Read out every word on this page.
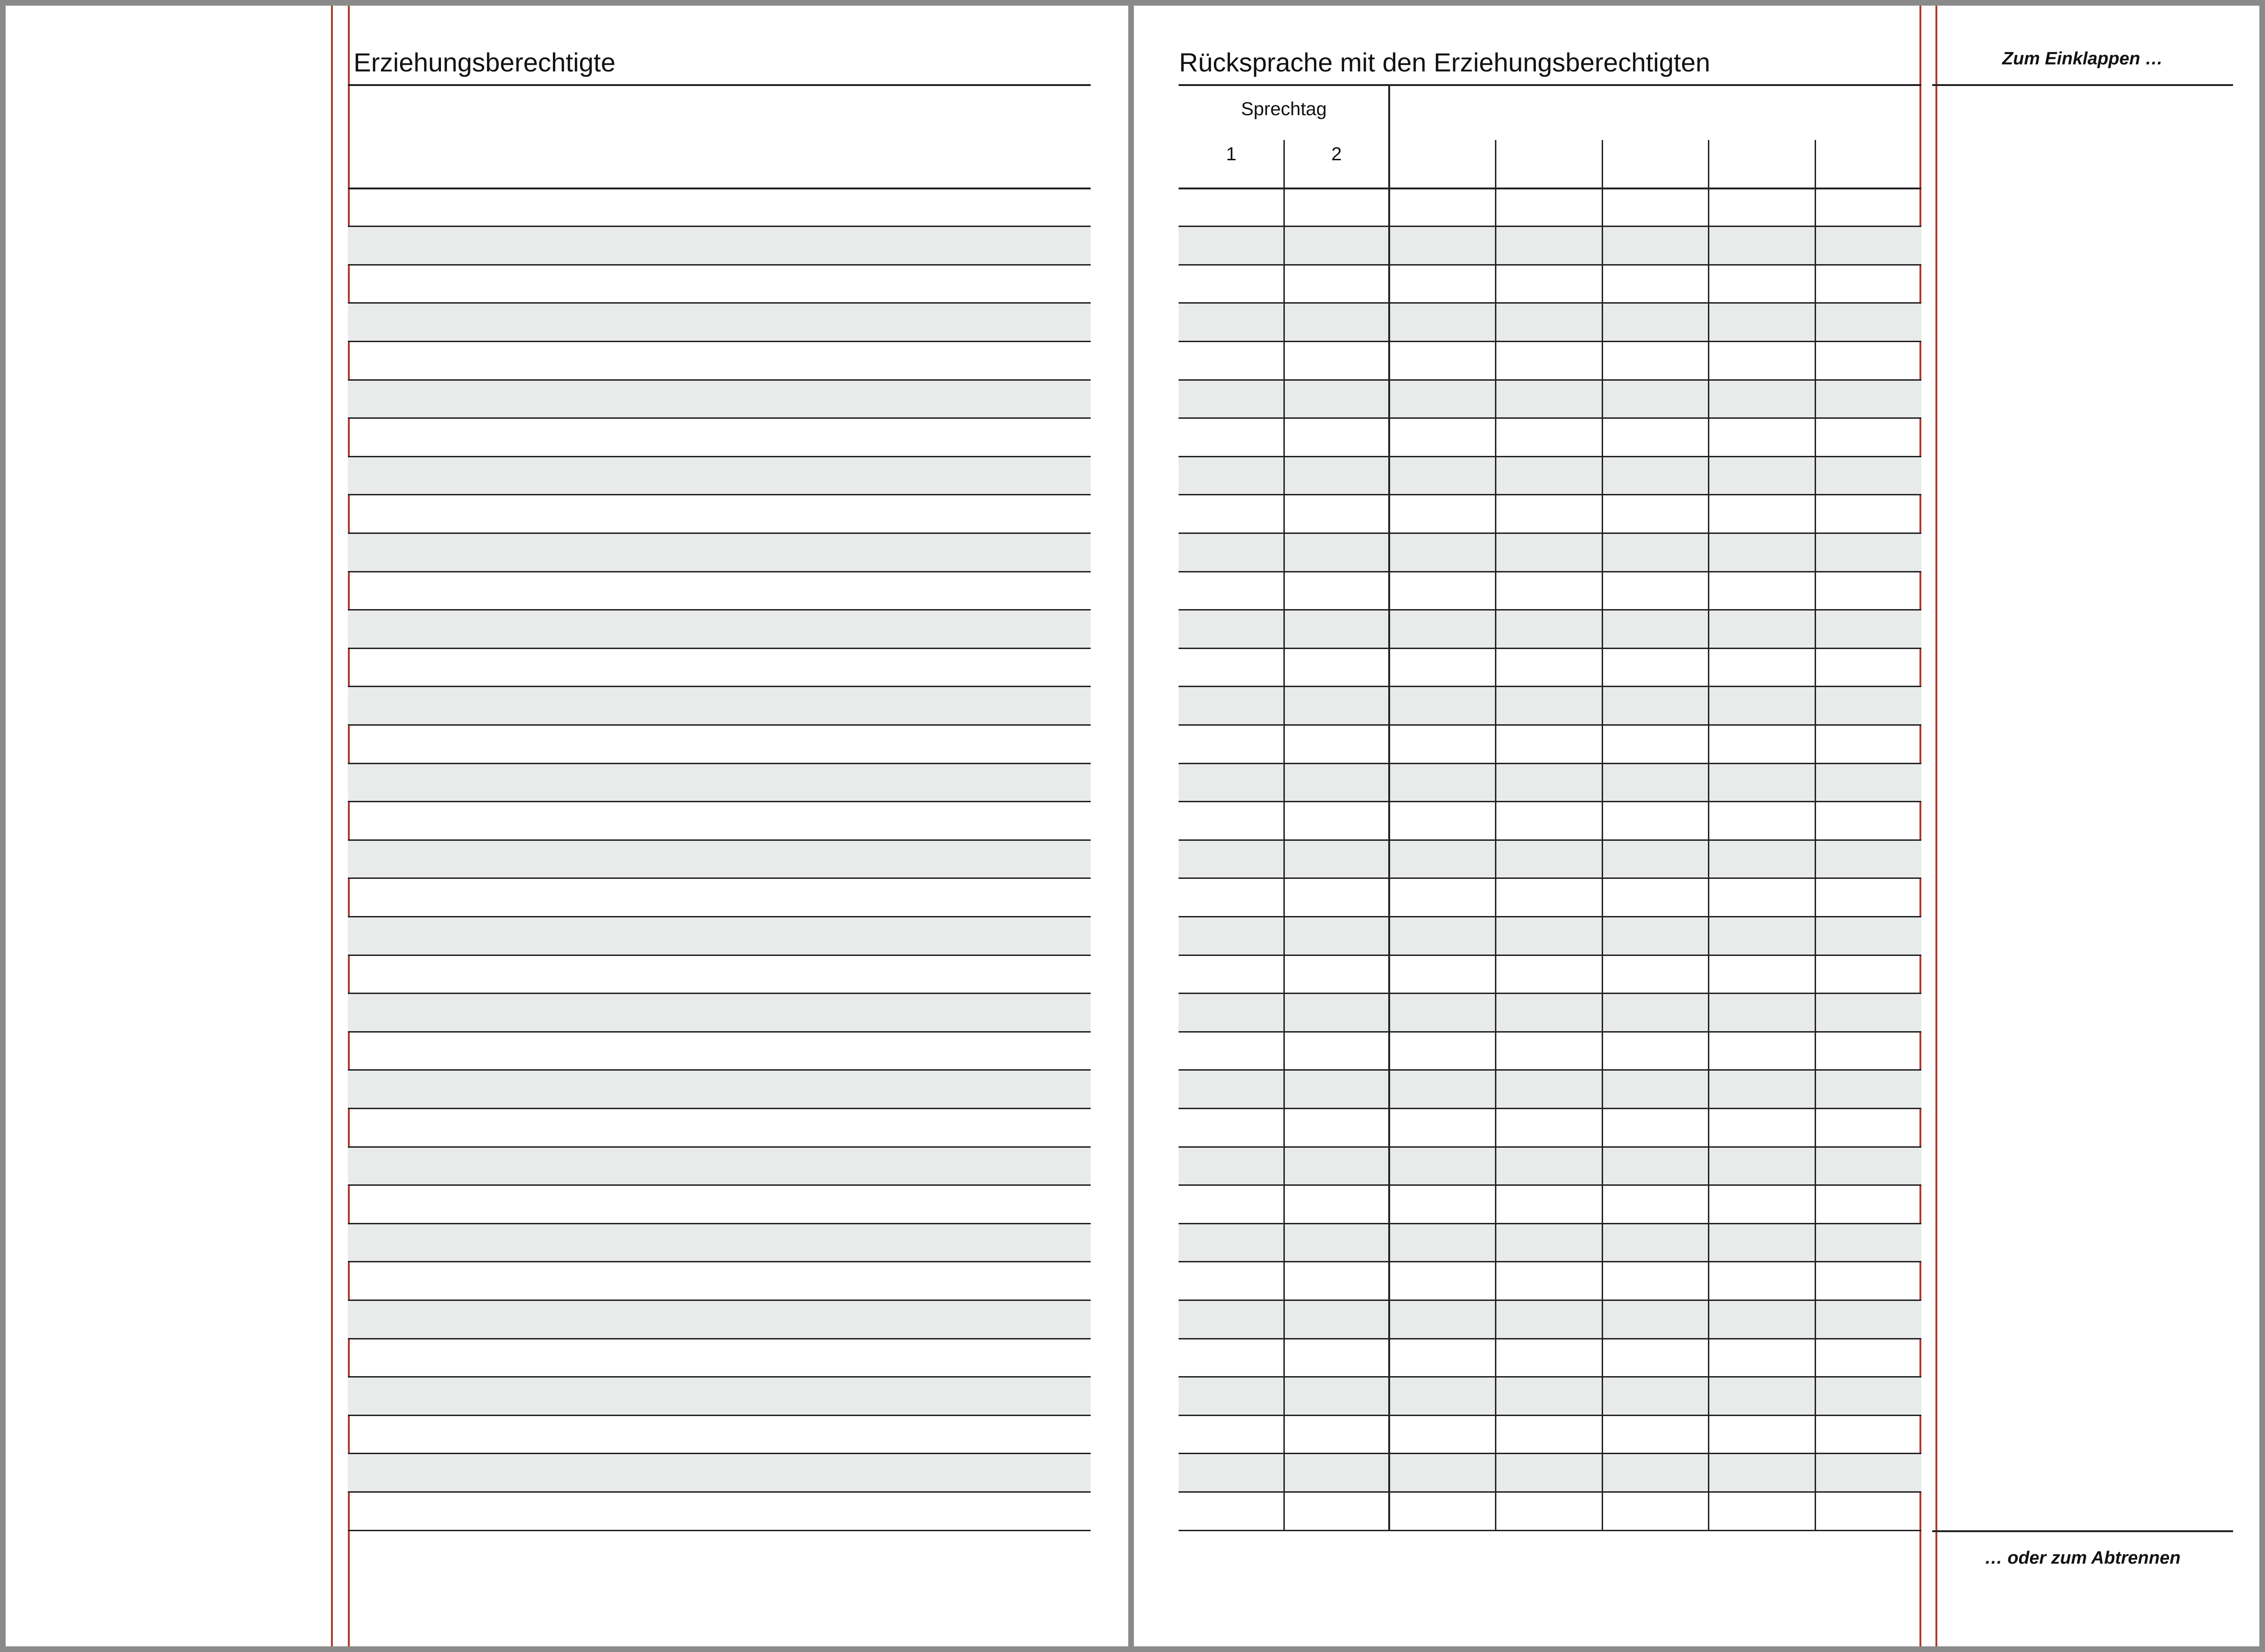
Erziehungsberechtigte	Rücksprache mit den Erziehungsberechtigten
Sprechtag
1	2
Zum Einklappen …
… oder zum Abtrennen
